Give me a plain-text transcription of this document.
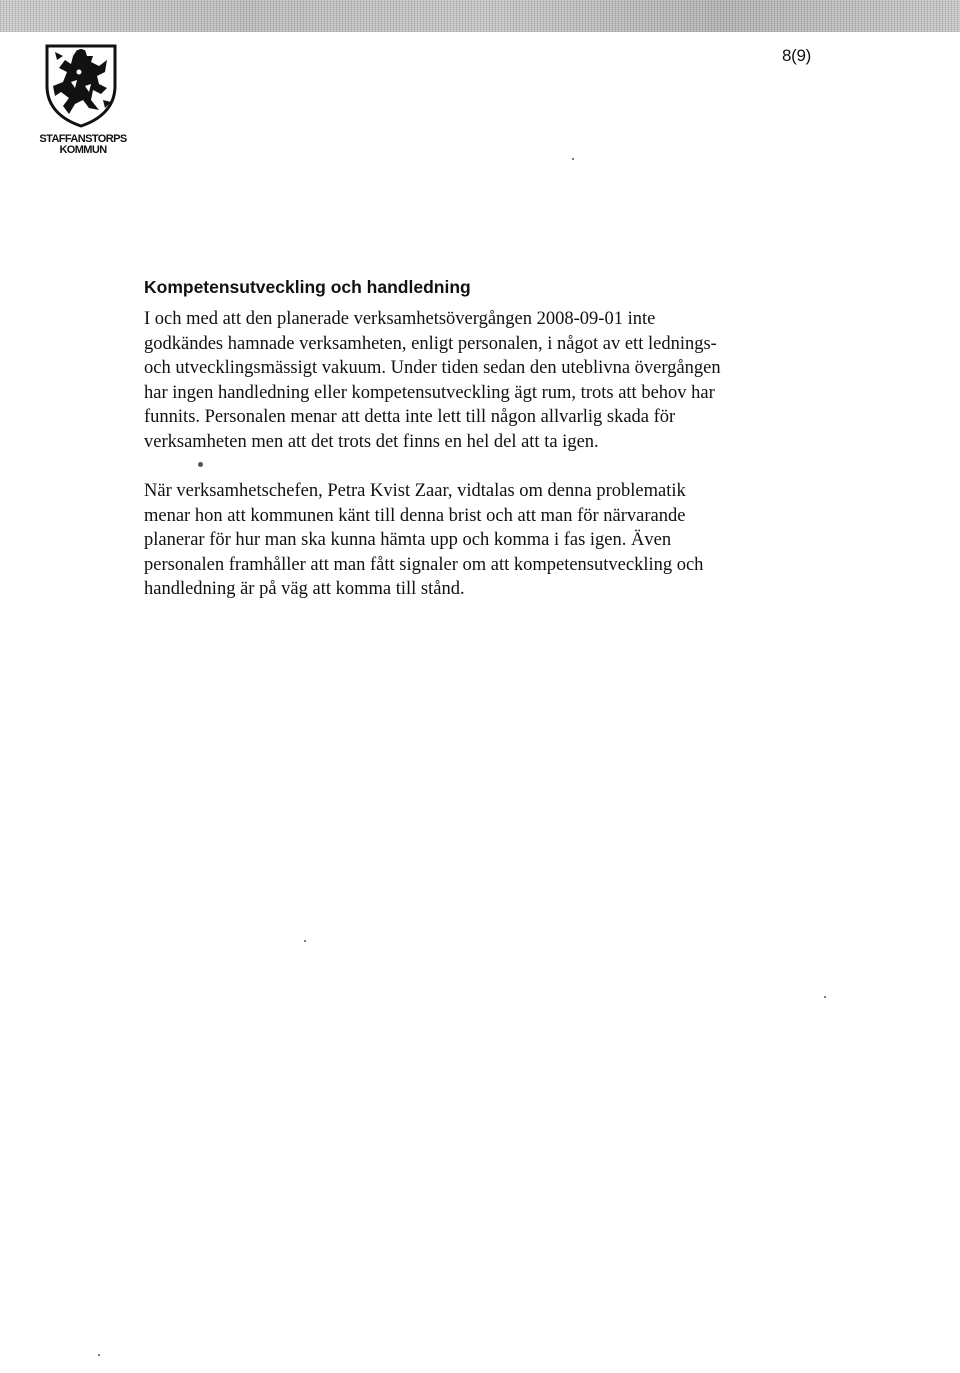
STAFFANSTORPS
KOMMUN
8(9)
Kompetensutveckling och handledning
I och med att den planerade verksamhetsövergången 2008-09-01 inte
godkändes hamnade verksamheten, enligt personalen, i något av ett lednings-
och utvecklingsmässigt vakuum. Under tiden sedan den uteblivna övergången
har ingen handledning eller kompetensutveckling ägt rum, trots att behov har
funnits. Personalen menar att detta inte lett till någon allvarlig skada för
verksamheten men att det trots det finns en hel del att ta igen.
När verksamhetschefen, Petra Kvist Zaar, vidtalas om denna problematik
menar hon att kommunen känt till denna brist och att man för närvarande
planerar för hur man ska kunna hämta upp och komma i fas igen. Även
personalen framhåller att man fått signaler om att kompetensutveckling och
handledning är på väg att komma till stånd.
